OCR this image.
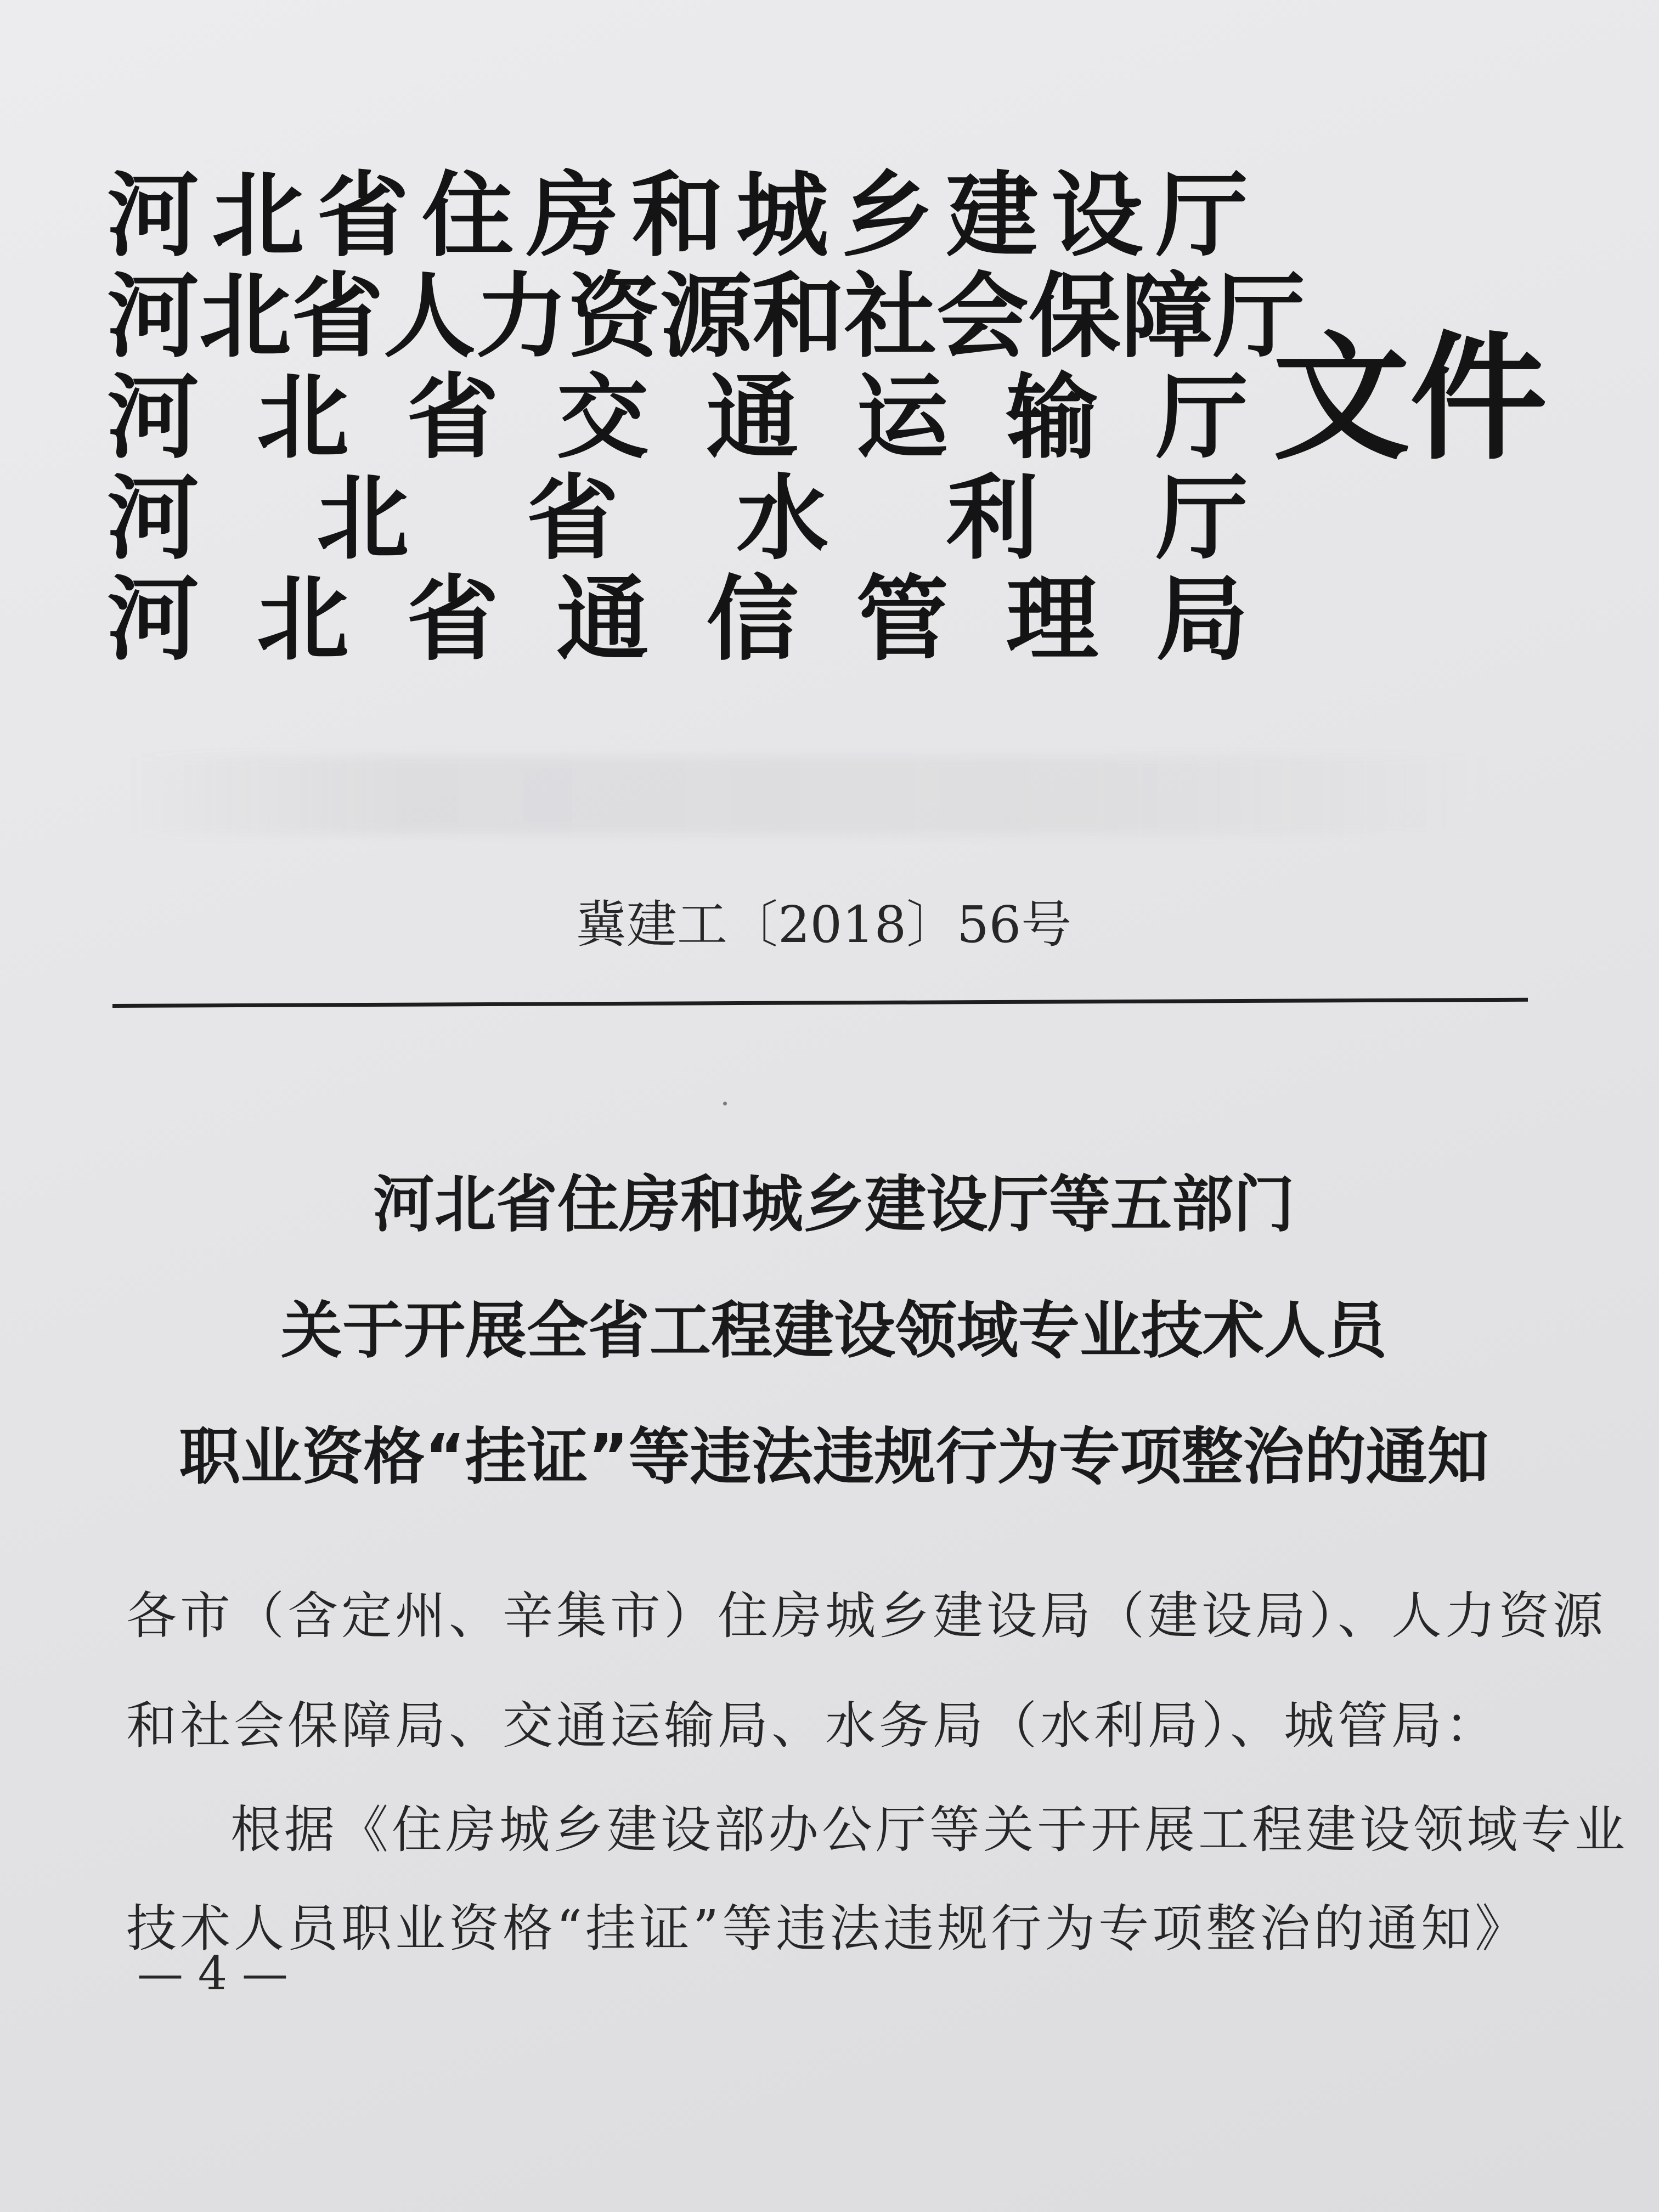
河 北 省 住 房 和 城 乡 建 设 厅
河 北 省 人 力 资 源 和 社 会 保 障 厅
河 北 省 交 通 运 输 厅
河 北 省 水 利 厅
河 北 省 通 信 管 理 局
文件
冀建工〔2018〕56号
河北省住房和城乡建设厅等五部门
关于开展全省工程建设领域专业技术人员
职业资格“挂证”等违法违规行为专项整治的通知
各市（含定州、辛集市）住房城乡建设局（建设局）、人力资源
和社会保障局、交通运输局、水务局（水利局）、城管局：
根据《住房城乡建设部办公厅等关于开展工程建设领域专业
技术人员职业资格“挂证”等违法违规行为专项整治的通知》
— 4 —
